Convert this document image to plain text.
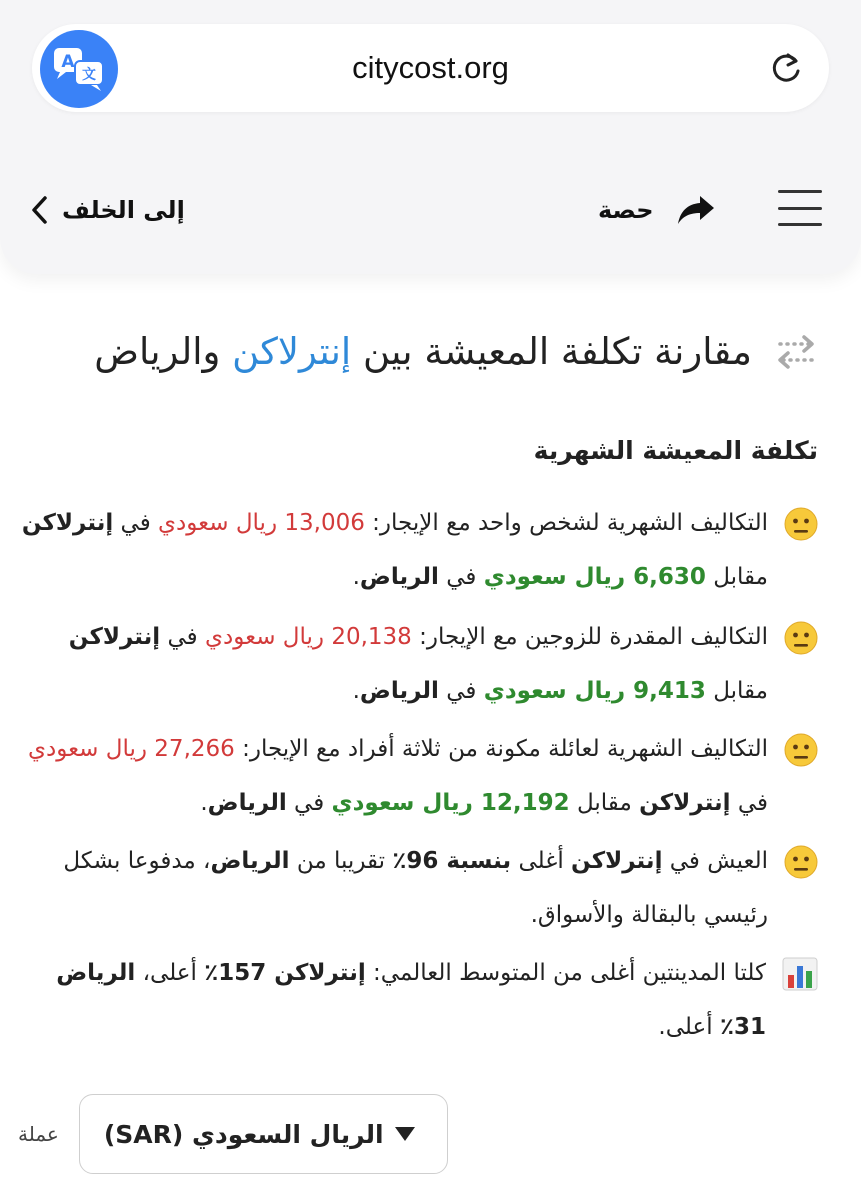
A
文	citycost.org
إلى الخلف	حصة
مقارنة تكلفة المعيشة بين إنترلاكن والرياض
تكلفة المعيشة الشهرية
التكاليف الشهرية لشخص واحد مع الإيجار: 13,006 ريال سعودي في إنترلاكن مقابل 6,630 ريال سعودي في الرياض.
التكاليف المقدرة للزوجين مع الإيجار: 20,138 ريال سعودي في إنترلاكن مقابل 9,413 ريال سعودي في الرياض.
التكاليف الشهرية لعائلة مكونة من ثلاثة أفراد مع الإيجار: 27,266 ريال سعودي في إنترلاكن مقابل 12,192 ريال سعودي في الرياض.
العيش في إنترلاكن أغلى بنسبة 96٪ تقريبا من الرياض، مدفوعا بشكل رئيسي بالبقالة والأسواق.
كلتا المدينتين أغلى من المتوسط العالمي: إنترلاكن 157٪ أعلى، الرياض 31٪ أعلى.
عملة الريال السعودي (SAR)
